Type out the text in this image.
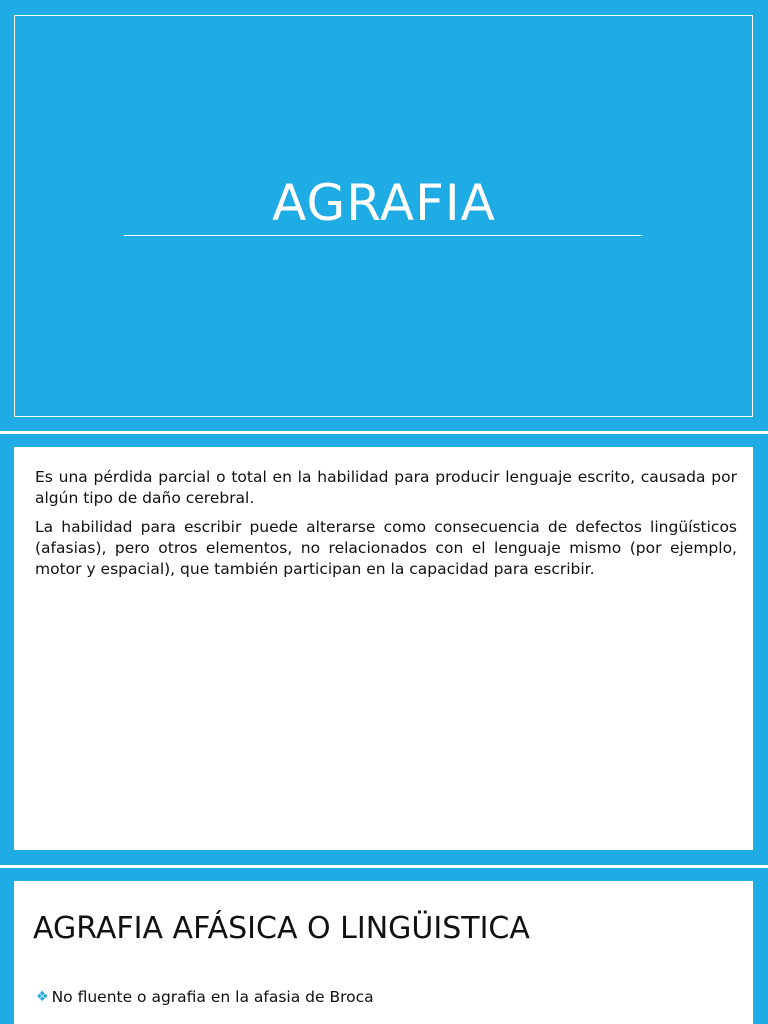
AGRAFIA

Es una pérdida parcial o total en la habilidad para producir lenguaje escrito, causada por algún tipo de daño cerebral.

La habilidad para escribir puede alterarse como consecuencia de defectos lingüísticos (afasias), pero otros elementos, no relacionados con el lenguaje mismo (por ejemplo, motor y espacial), que también participan en la capacidad para escribir.

AGRAFIA AFÁSICA O LINGÜISTICA
❖ No fluente o agrafia en la afasia de Broca
